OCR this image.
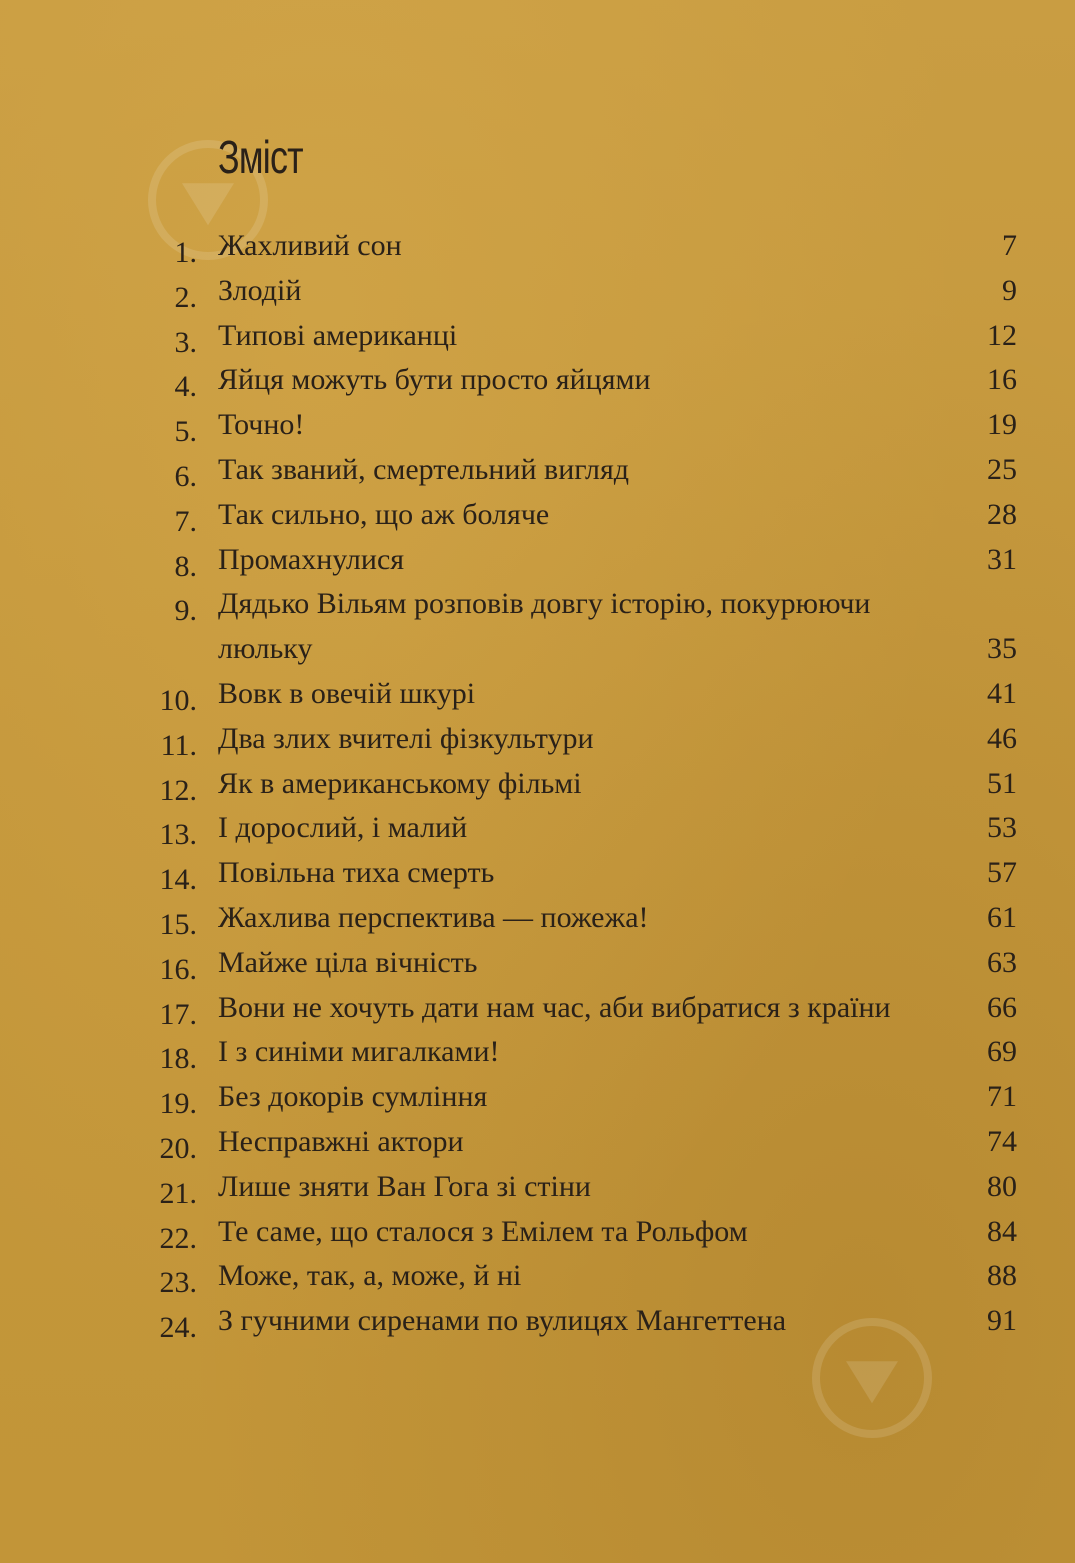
Зміст
1. Жахливий сон	7
2. Злодій	9
3. Типові американці	12
4. Яйця можуть бути просто яйцями	16
5. Точно!	19
6. Так званий, смертельний вигляд	25
7. Так сильно, що аж боляче	28
8. Промахнулися	31
9. Дядько Вільям розповів довгу історію, покурюючи люльку	35
10. Вовк в овечій шкурі	41
11. Два злих вчителі фізкультури	46
12. Як в американському фільмі	51
13. І дорослий, і малий	53
14. Повільна тиха смерть	57
15. Жахлива перспектива — пожежа!	61
16. Майже ціла вічність	63
17. Вони не хочуть дати нам час, аби вибратися з країни	66
18. І з синіми мигалками!	69
19. Без докорів сумління	71
20. Несправжні актори	74
21. Лише зняти Ван Гога зі стіни	80
22. Те саме, що сталося з Емілем та Рольфом	84
23. Може, так, а, може, й ні	88
24. З гучними сиренами по вулицях Мангеттена	91
